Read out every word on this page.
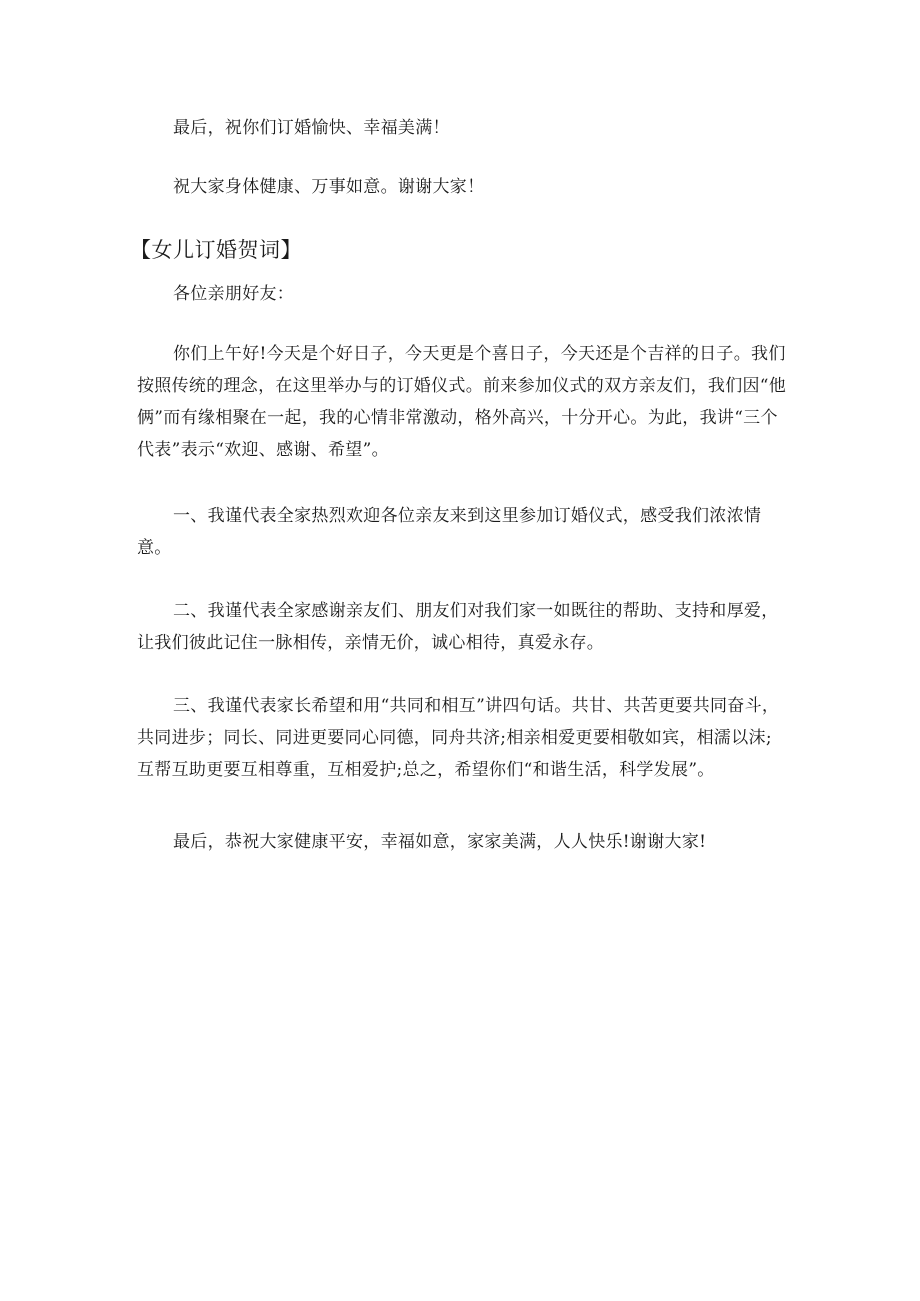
最后，祝你们订婚愉快、幸福美满！

祝大家身体健康、万事如意。谢谢大家！

【女儿订婚贺词】

各位亲朋好友：

你们上午好!今天是个好日子，今天更是个喜日子，今天还是个吉祥的日子。我们按照传统的理念，在这里举办与的订婚仪式。前来参加仪式的双方亲友们，我们因“他俩”而有缘相聚在一起，我的心情非常激动，格外高兴，十分开心。为此，我讲“三个代表”表示“欢迎、感谢、希望”。

一、我谨代表全家热烈欢迎各位亲友来到这里参加订婚仪式，感受我们浓浓情意。

二、我谨代表全家感谢亲友们、朋友们对我们家一如既往的帮助、支持和厚爱，让我们彼此记住一脉相传，亲情无价，诚心相待，真爱永存。

三、我谨代表家长希望和用“共同和相互”讲四句话。共甘、共苦更要共同奋斗，共同进步；同长、同进更要同心同德，同舟共济;相亲相爱更要相敬如宾，相濡以沫;互帮互助更要互相尊重，互相爱护;总之，希望你们“和谐生活，科学发展”。

最后，恭祝大家健康平安，幸福如意，家家美满，人人快乐!谢谢大家!
